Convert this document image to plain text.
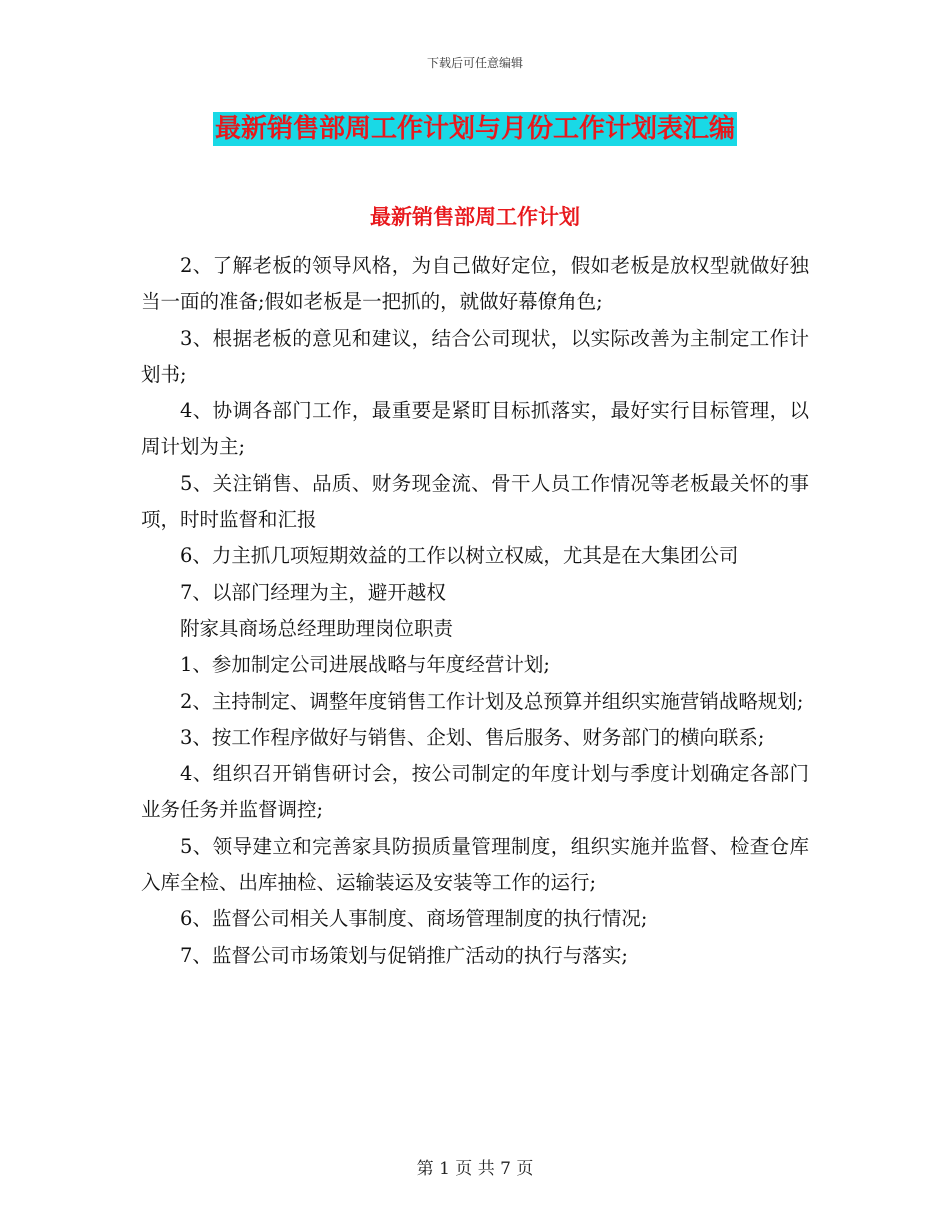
下载后可任意编辑
最新销售部周工作计划与月份工作计划表汇编
最新销售部周工作计划

2、了解老板的领导风格，为自己做好定位，假如老板是放权型就做好独当一面的准备;假如老板是一把抓的，就做好幕僚角色;

3、根据老板的意见和建议，结合公司现状，以实际改善为主制定工作计划书;

4、协调各部门工作，最重要是紧盯目标抓落实，最好实行目标管理，以周计划为主;

5、关注销售、品质、财务现金流、骨干人员工作情况等老板最关怀的事项，时时监督和汇报

6、力主抓几项短期效益的工作以树立权威，尤其是在大集团公司

7、以部门经理为主，避开越权

附家具商场总经理助理岗位职责

1、参加制定公司进展战略与年度经营计划;

2、主持制定、调整年度销售工作计划及总预算并组织实施营销战略规划;

3、按工作程序做好与销售、企划、售后服务、财务部门的横向联系;

4、组织召开销售研讨会，按公司制定的年度计划与季度计划确定各部门业务任务并监督调控;

5、领导建立和完善家具防损质量管理制度，组织实施并监督、检查仓库入库全检、出库抽检、运输装运及安装等工作的运行;

6、监督公司相关人事制度、商场管理制度的执行情况;

7、监督公司市场策划与促销推广活动的执行与落实;

第 1 页 共 7 页
